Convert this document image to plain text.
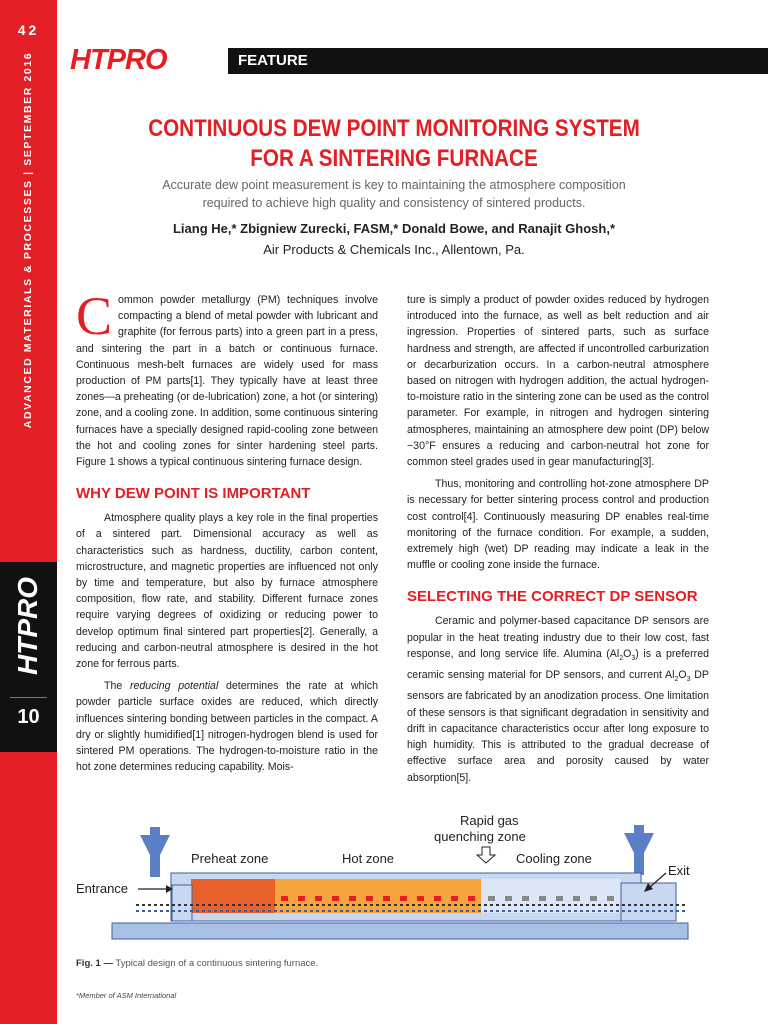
42
ADVANCED MATERIALS & PROCESSES | SEPTEMBER 2016
HTPRO
10
HTPRO	FEATURE
CONTINUOUS DEW POINT MONITORING SYSTEM
FOR A SINTERING FURNACE
Accurate dew point measurement is key to maintaining the atmosphere composition
required to achieve high quality and consistency of sintered products.
Liang He,* Zbigniew Zurecki, FASM,* Donald Bowe, and Ranajit Ghosh,*
Air Products & Chemicals Inc., Allentown, Pa.

Common powder metallurgy (PM) techniques involve compacting a blend of metal powder with lubricant and graphite (for ferrous parts) into a green part in a press, and sintering the part in a batch or continuous furnace. Continuous mesh-belt furnaces are widely used for mass production of PM parts[1]. They typically have at least three zones—a preheating (or de-lubrication) zone, a hot (or sintering) zone, and a cooling zone. In addition, some continuous sintering furnaces have a specially designed rapid-cooling zone between the hot and cooling zones for sinter hardening steel parts. Figure 1 shows a typical continuous sintering furnace design.

WHY DEW POINT IS IMPORTANT

Atmosphere quality plays a key role in the final properties of a sintered part. Dimensional accuracy as well as characteristics such as hardness, ductility, carbon content, microstructure, and magnetic properties are influenced not only by time and temperature, but also by furnace atmosphere composition, flow rate, and stability. Different furnace zones require varying degrees of oxidizing or reducing power to develop optimum final sintered part properties[2]. Generally, a reducing and carbon-neutral atmosphere is desired in the hot zone for ferrous parts.

The reducing potential determines the rate at which powder particle surface oxides are reduced, which directly influences sintering bonding between particles in the compact. A dry or slightly humidified[1] nitrogen-hydrogen blend is used for sintered PM operations. The hydrogen-to-moisture ratio in the hot zone determines reducing capability. Mois-

ture is simply a product of powder oxides reduced by hydrogen introduced into the furnace, as well as belt reduction and air ingression. Properties of sintered parts, such as surface hardness and strength, are affected if uncontrolled carburization or decarburization occurs. In a carbon-neutral atmosphere based on nitrogen with hydrogen addition, the actual hydrogen-to-moisture ratio in the sintering zone can be used as the control parameter. For example, in nitrogen and hydrogen sintering atmospheres, maintaining an atmosphere dew point (DP) below −30°F ensures a reducing and carbon-neutral hot zone for common steel grades used in gear manufacturing[3].

Thus, monitoring and controlling hot-zone atmosphere DP is necessary for better sintering process control and production cost control[4]. Continuously measuring DP enables real-time monitoring of the furnace condition. For example, a sudden, extremely high (wet) DP reading may indicate a leak in the muffle or cooling zone inside the furnace.

SELECTING THE CORRECT DP SENSOR

Ceramic and polymer-based capacitance DP sensors are popular in the heat treating industry due to their low cost, fast response, and long service life. Alumina $(Al_2O_3)$ is a preferred ceramic sensing material for DP sensors, and current $Al_2O_3$ DP sensors are fabricated by an anodization process. One limitation of these sensors is that significant degradation in sensitivity and drift in capacitance characteristics occur after long exposure to high humidity. This is attributed to the gradual decrease of effective surface area and porosity caused by water absorption[5].

Preheat zone	Hot zone
Rapid gas
quenching zone
Cooling zone
Entrance
Exit
Fig. 1 — Typical design of a continuous sintering furnace.
*Member of ASM International
